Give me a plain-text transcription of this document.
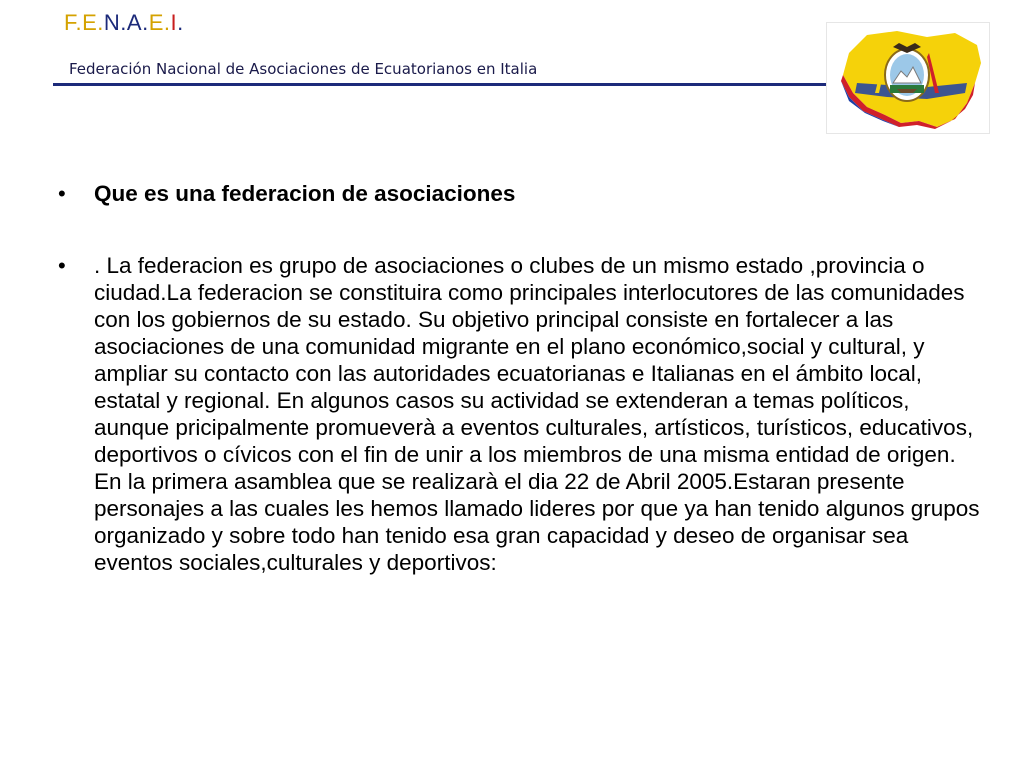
F.E.N.A.E.I.
Federación Nacional de Asociaciones de Ecuatorianos en Italia
•	Que es una federacion de asociaciones
•	. La federacion es grupo de asociaciones o clubes de un mismo estado ,provincia o ciudad.La federacion se constituira como principales interlocutores de las comunidades con los gobiernos de su estado. Su objetivo principal consiste en fortalecer a las asociaciones de una comunidad migrante en el plano económico,social y cultural, y ampliar su contacto con las autoridades ecuatorianas e Italianas en el ámbito local, estatal y regional. En algunos casos su actividad se extenderan a temas políticos, aunque pricipalmente promueverà a eventos culturales, artísticos, turísticos, educativos, deportivos o cívicos con el fin de unir a los miembros de una misma entidad de origen. En la primera asamblea que se realizarà el dia 22 de Abril 2005.Estaran presente personajes a las cuales les hemos llamado lideres por que ya han tenido algunos grupos organizado y sobre todo han tenido esa gran capacidad y deseo de organisar sea eventos sociales,culturales y deportivos:
